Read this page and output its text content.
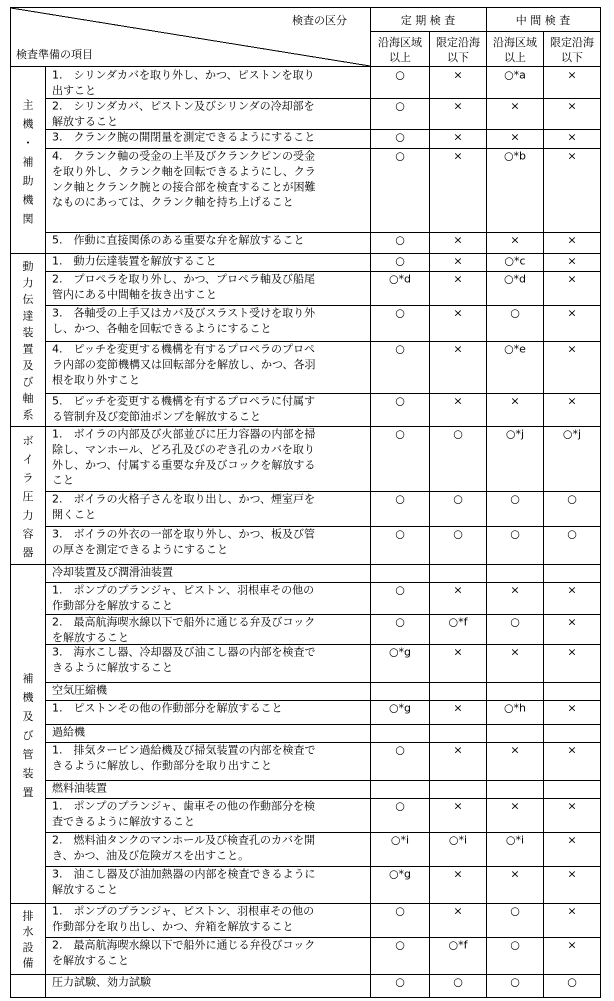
検査の区分
検査準備の項目
定 期 検 査	中 間 検 査
沿海区域
以上
限定沿海
以下
沿海区域
以上
限定沿海
以下
主
機
・
補
助
機
関
1.　シリンダカバを取り外し、かつ、ピストンを取り
出すこと
○	×	○*a	×
2.　シリンダカバ、ピストン及びシリンダの冷却部を
解放すること
○	×	×	×
3.　クランク腕の開閉量を測定できるようにすること	○	×	×	×
4.　クランク軸の受金の上半及びクランクピンの受金
を取り外し、クランク軸を回転できるようにし、クラ
ンク軸とクランク腕との接合部を検査することが困難
なものにあっては、クランク軸を持ち上げること
○	×	○*b	×
5.　作動に直接関係のある重要な弁を解放すること	○	×	×	×
動
力
伝
達
装
置
及
び
軸
系
1.　動力伝達装置を解放すること	○	×	○*c	×
2.　プロペラを取り外し、かつ、プロペラ軸及び船尾
管内にある中間軸を抜き出すこと
○*d	×	○*d	×
3.　各軸受の上手又はカバ及びスラスト受けを取り外
し、かつ、各軸を回転できるようにすること
○	×	○	×
4.　ピッチを変更する機構を有するプロペラのプロペ
ラ内部の変節機構又は回転部分を解放し、かつ、各羽
根を取り外すこと
○	×	○*e	×
5.　ピッチを変更する機構を有するプロペラに付属す
る管制弁及び変節油ポンプを解放すること
○	×	×	×
ボ
イ
ラ
圧
力
容
器
1.　ボイラの内部及び火部並びに圧力容器の内部を掃
除し、マンホール、どろ孔及びのぞき孔のカバを取り
外し、かつ、付属する重要な弁及びコックを解放する
こと
○	○	○*j	○*j
2.　ボイラの火格子さんを取り出し、かつ、煙室戸を
開くこと
○	○	○	○
3.　ボイラの外衣の一部を取り外し、かつ、板及び管
の厚さを測定できるようにすること
○	○	○	○
補
機
及
び
管
装
置
冷却装置及び潤滑油装置
1.　ポンプのプランジャ、ピストン、羽根車その他の
作動部分を解放すること
○	×	×	×
2.　最高航海喫水線以下で船外に通じる弁及びコック
を解放すること
○	○*f	○	×
3.　海水こし器、冷却器及び油こし器の内部を検査で
きるように解放すること
○*g	×	×	×
空気圧縮機
1.　ピストンその他の作動部分を解放すること	○*g	×	○*h	×
過給機
1.　排気タービン過給機及び掃気装置の内部を検査で
きるように解放し、作動部分を取り出すこと
○	×	×	×
燃料油装置
1.　ポンプのプランジャ、歯車その他の作動部分を検
査できるように解放すること
○	×	×	×
2.　燃料油タンクのマンホール及び検査孔のカバを開
き、かつ、油及び危険ガスを出すこと。
○*i	○*i	○*i	×
3.　油こし器及び油加熱器の内部を検査できるように
解放すること
○*g	×	×	×
排
水
設
備
1.　ポンプのプランジャ、ピストン、羽根車その他の
作動部分を取り出し、かつ、弁箱を解放すること
○	×	○	×
2.　最高航海喫水線以下で船外に通じる弁役びコック
を解放すること
○	○*f	○	×
圧力試験、効力試験	○	○	○	○
